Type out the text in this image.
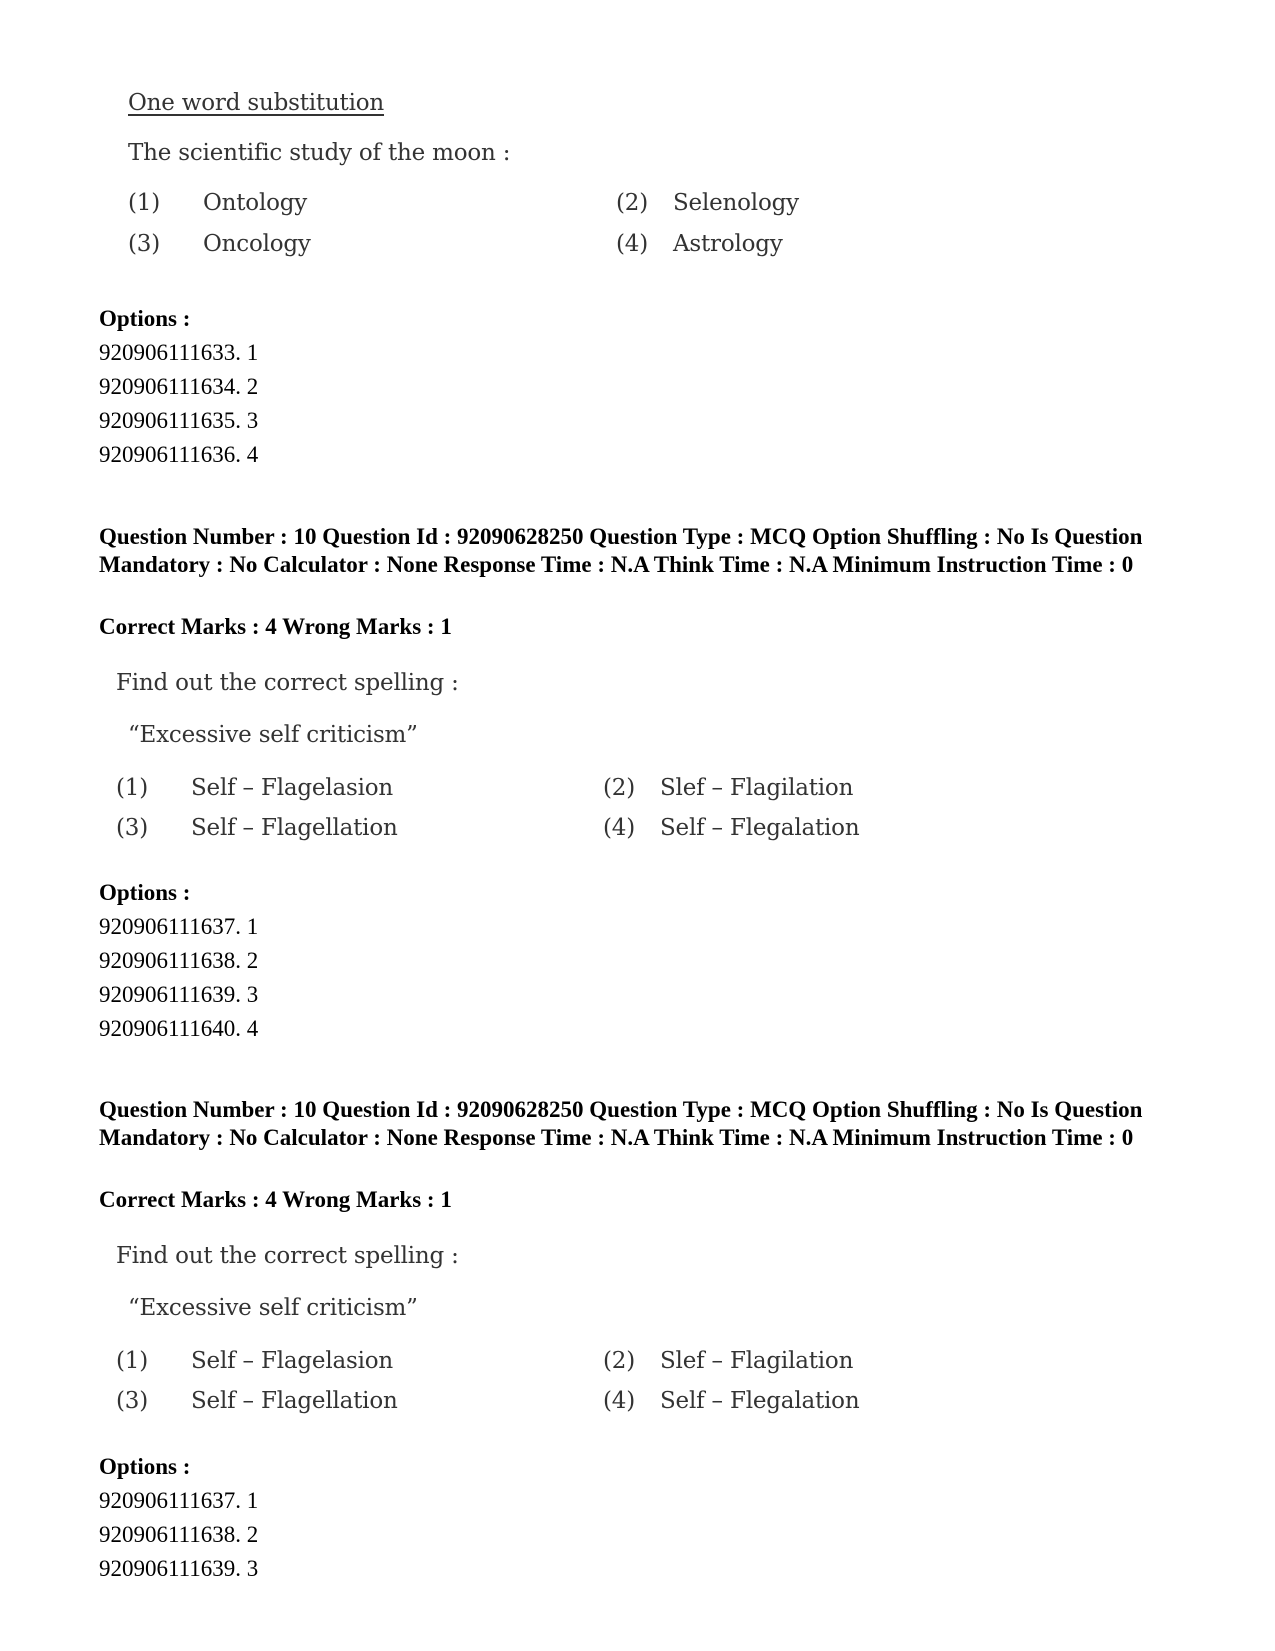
One word substitution
The scientific study of the moon :
(1) Ontology	(2) Selenology
(3) Oncology	(4) Astrology
Options :
920906111633. 1
920906111634. 2
920906111635. 3
920906111636. 4
Question Number : 10 Question Id : 92090628250 Question Type : MCQ Option Shuffling : No Is Question Mandatory : No Calculator : None Response Time : N.A Think Time : N.A Minimum Instruction Time : 0
Correct Marks : 4 Wrong Marks : 1
Find out the correct spelling :
“Excessive self criticism”
(1) Self – Flagelasion	(2) Slef – Flagilation
(3) Self – Flagellation	(4) Self – Flegalation
Options :
920906111637. 1
920906111638. 2
920906111639. 3
920906111640. 4
Question Number : 10 Question Id : 92090628250 Question Type : MCQ Option Shuffling : No Is Question Mandatory : No Calculator : None Response Time : N.A Think Time : N.A Minimum Instruction Time : 0
Correct Marks : 4 Wrong Marks : 1
Find out the correct spelling :
“Excessive self criticism”
(1) Self – Flagelasion	(2) Slef – Flagilation
(3) Self – Flagellation	(4) Self – Flegalation
Options :
920906111637. 1
920906111638. 2
920906111639. 3
